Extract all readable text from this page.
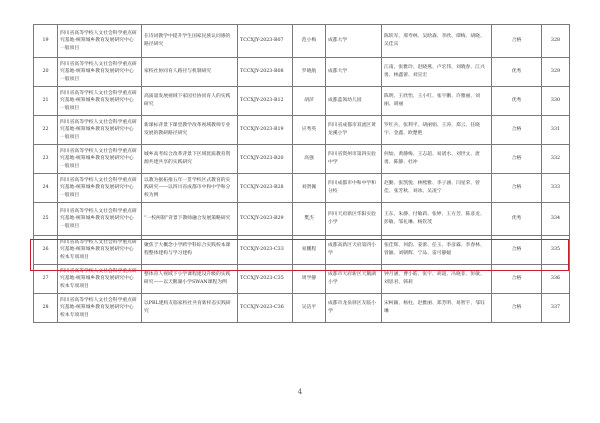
19	四川省高等学校人文社会科学重点研究基地-统筹城乡教育发展研究中心 一般项目	在诗词教学中提升学生国家民族认同感的路径研究	TCCXJY-2023-B07	范小梅	成都大学	陈轶军、邢寿林、吴晗森、李欣、谭梅、胡晓、吴佳宾	合格	328
20	四川省高等学校人文社会科学重点研究基地-统筹城乡教育发展研究中心 一般项目	家校社协同育人路径与机制研究	TCCXJY-2023-B08	罗晓航	成都大学	江南、张雅玲、赵晓燕、卢宏伟、刘晓春、江兴勇、林鑫蕾、刘宣宏	优秀	329
21	四川省高等学校人文社会科学重点研究基地-统筹城乡教育发展研究中心 一般项目	高质量发展视域下家园社协同育人的实践研究	TCCXJY-2023-B12	胡萍	成都蓝领幼儿园	陈明、王欣怡、王小红、张宇鹏、许雅丽、刘丽、胡丽	优秀	330
22	四川省高等学校人文社会科学重点研究基地-统筹城乡教育发展研究中心 一般项目	新课标背景下课堂教学改革视域教师专业发展的教研路径研究	TCCXJY-2023-B19	应秀英	四川省成都市双流区黄龙溪小学	罗红兵、张利平、胡丽娟、王涛、郑云、任晓宇、金鑫、欧楚艳	合格	331
23	四川省高等学校人文社会科学重点研究基地-统筹城乡教育发展研究中心 一般项目	城乡高考综合改革背景下区域优质教育资源共建共享的实践研究	TCCXJY-2023-B20	高强	四川省资州市第四实验中学	何灿、黄静梅、王志超、易谱水、刘世文、唐勇、陈静、杜冲	合格	332
24	四川省高等学校人文社会科学重点研究基地-统筹城乡教育发展研究中心 一般项目	以教为据拓推五年一贯学校区式教育的实践研究——以四川省成都市中和中学和分校为例	TCCXJY-2023-B28	刘贤佩	四川成都市中和中学和分校	赵勤、张凯悦、林熙雅、李子涵、闫星荣、曾佳、张芳秋、刘冰、吴凌宁	合格	333
25	四川省高等学校人文社会科学重点研究基地-统筹城乡教育发展研究中心 一般项目	“一校两制”背景下教师融合发展策略研究	TCCXJY-2023-B29	樊杰	四川天府新区华阳实验小学	王东、朱静、付敏莉、张婷、王方芳、陈彦龙、彭敏、邹礼琳、杨钦茂	优秀	334
26	四川省高等学校人文社会科学重点研究基地-统筹城乡教育发展研究中心 校本专项项目	聚焦于大概念小学跨学科综合实践校本课程整体建构与学习建构	TCCXJY-2023-C33	易鹏程	成都高新区天府第四小学	张佳辉、何韵、姜蕾、任玉、李彦霖、李春林、曾颖、刘朝辉、宁品、雷可静媛	合格	335
27	四川省高等学校人文社会科学重点研究基地-统筹城乡教育发展研究中心 校本专项项目	整体育人视域下小学课程建设升级的实践研究——以天鹅湖小学SWAN课程为例	TCCXJY-2023-C35	周学静	成都市天府新区天鹅湖小学	钟月涵、曹小皓、张宇、胡超、冯晓菲、彭敏、刘思君、韩莉	合格	336
28	四川省高等学校人文社会科学重点研究基地-统筹城乡教育发展研究中心 校本专项项目	以PBL建构友临家校社共育新样态实践研究	TCCXJY-2023-C36	吴洁平	成都市龙泉驿区友临小学	宋柯颖、杨柱、赵雅丽、郑芳明、易智宇、邹钰琳	合格	337
4
